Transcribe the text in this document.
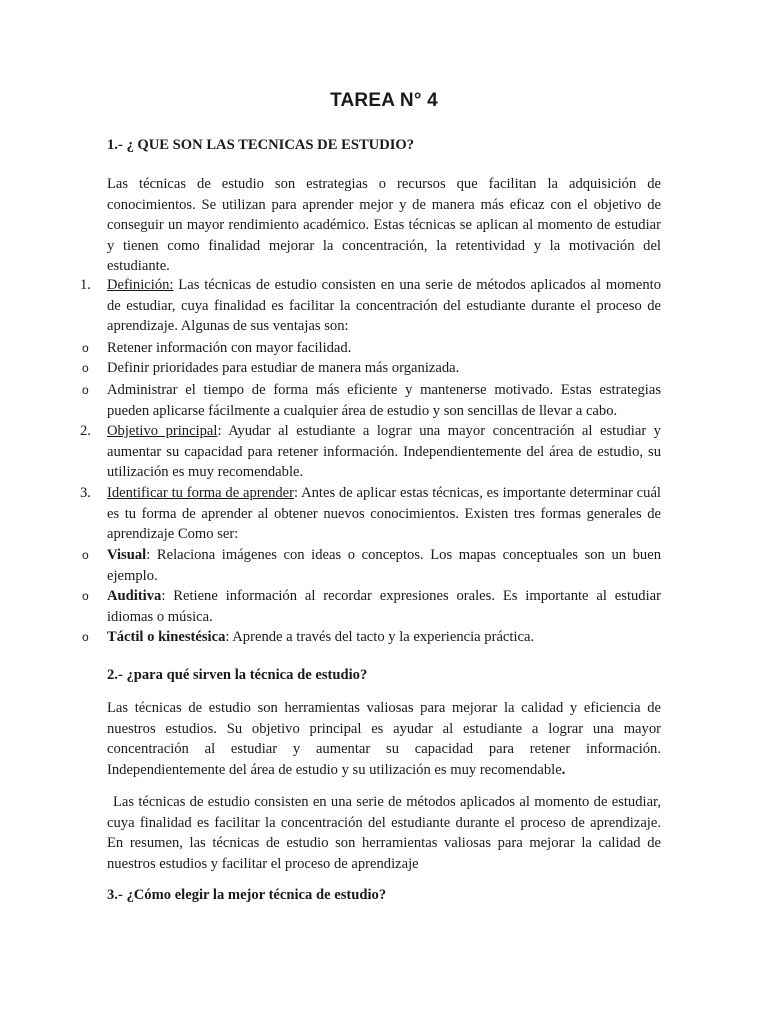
TAREA N° 4
1.- ¿ QUE SON LAS TECNICAS DE ESTUDIO?
Las técnicas de estudio son estrategias o recursos que facilitan la adquisición de conocimientos. Se utilizan para aprender mejor y de manera más eficaz con el objetivo de conseguir un mayor rendimiento académico. Estas técnicas se aplican al momento de estudiar y tienen como finalidad mejorar la concentración, la retentividad y la motivación del estudiante.
1. Definición: Las técnicas de estudio consisten en una serie de métodos aplicados al momento de estudiar, cuya finalidad es facilitar la concentración del estudiante durante el proceso de aprendizaje. Algunas de sus ventajas son:
o Retener información con mayor facilidad.
o Definir prioridades para estudiar de manera más organizada.
o Administrar el tiempo de forma más eficiente y mantenerse motivado. Estas estrategias pueden aplicarse fácilmente a cualquier área de estudio y son sencillas de llevar a cabo.
2. Objetivo principal: Ayudar al estudiante a lograr una mayor concentración al estudiar y aumentar su capacidad para retener información. Independientemente del área de estudio, su utilización es muy recomendable.
3. Identificar tu forma de aprender: Antes de aplicar estas técnicas, es importante determinar cuál es tu forma de aprender al obtener nuevos conocimientos. Existen tres formas generales de aprendizaje Como ser:
o Visual: Relaciona imágenes con ideas o conceptos. Los mapas conceptuales son un buen ejemplo.
o Auditiva: Retiene información al recordar expresiones orales. Es importante al estudiar idiomas o música.
o Táctil o kinestésica: Aprende a través del tacto y la experiencia práctica.
2.- ¿para qué sirven la técnica de estudio?
Las técnicas de estudio son herramientas valiosas para mejorar la calidad y eficiencia de nuestros estudios. Su objetivo principal es ayudar al estudiante a lograr una mayor concentración al estudiar y aumentar su capacidad para retener información. Independientemente del área de estudio y su utilización es muy recomendable.
Las técnicas de estudio consisten en una serie de métodos aplicados al momento de estudiar, cuya finalidad es facilitar la concentración del estudiante durante el proceso de aprendizaje. En resumen, las técnicas de estudio son herramientas valiosas para mejorar la calidad de nuestros estudios y facilitar el proceso de aprendizaje
3.- ¿Cómo elegir la mejor técnica de estudio?
